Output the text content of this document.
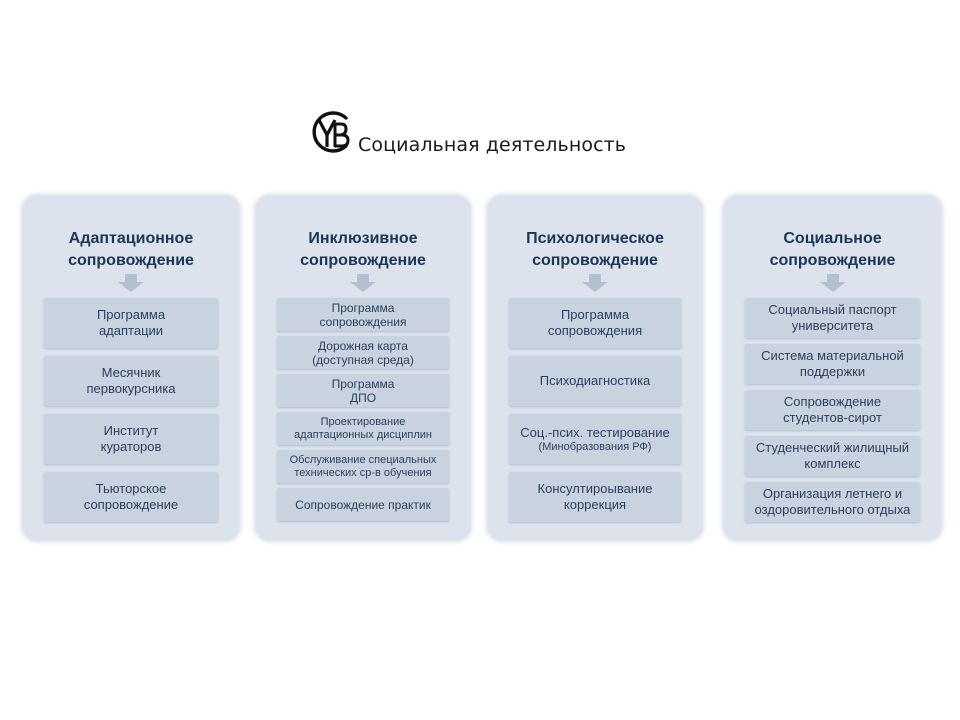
Социальная деятельность
Адаптационное
сопровождение
Программа
адаптации
Месячник
первокурсника
Институт
кураторов
Тьюторское
сопровождение
Инклюзивное
сопровождение
Программа
сопровождения
Дорожная карта
(доступная среда)
Программа
ДПО
Проектирование
адаптационных дисциплин
Обслуживание специальных
технических ср-в обучения
Сопровождение практик
Психологическое
сопровождение
Программа
сопровождения
Психодиагностика
Соц.-псих. тестирование
(Минобразования РФ)
Консултироывание
коррекция
Социальное
сопровождение
Социальный паспорт
университета
Система материальной
поддержки
Сопровождение
студентов-сирот
Студенческий жилищный
комплекс
Организация летнего и
оздоровительного отдыха
